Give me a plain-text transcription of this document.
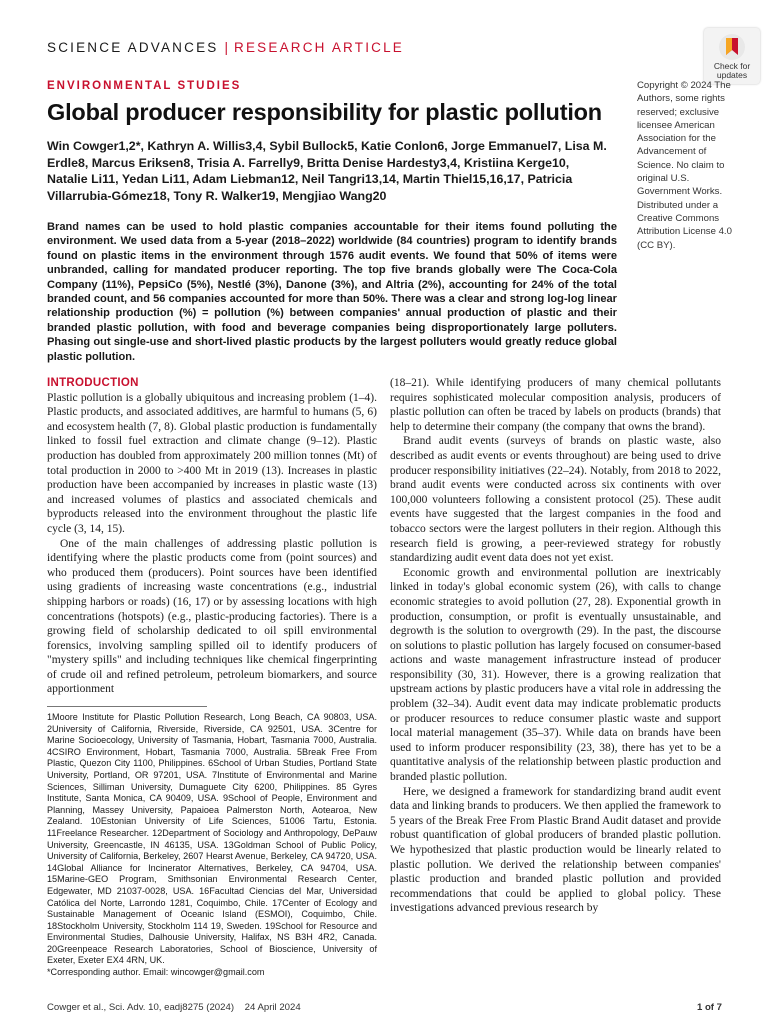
SCIENCE ADVANCES | RESEARCH ARTICLE
Check for updates
ENVIRONMENTAL STUDIES
Global producer responsibility for plastic pollution
Win Cowger1,2*, Kathryn A. Willis3,4, Sybil Bullock5, Katie Conlon6, Jorge Emmanuel7, Lisa M. Erdle8, Marcus Eriksen8, Trisia A. Farrelly9, Britta Denise Hardesty3,4, Kristiina Kerge10, Natalie Li11, Yedan Li11, Adam Liebman12, Neil Tangri13,14, Martin Thiel15,16,17, Patricia Villarrubia-Gómez18, Tony R. Walker19, Mengjiao Wang20
Copyright © 2024 The Authors, some rights reserved; exclusive licensee American Association for the Advancement of Science. No claim to original U.S. Government Works. Distributed under a Creative Commons Attribution License 4.0 (CC BY).
Brand names can be used to hold plastic companies accountable for their items found polluting the environment. We used data from a 5-year (2018–2022) worldwide (84 countries) program to identify brands found on plastic items in the environment through 1576 audit events. We found that 50% of items were unbranded, calling for mandated producer reporting. The top five brands globally were The Coca-Cola Company (11%), PepsiCo (5%), Nestlé (3%), Danone (3%), and Altria (2%), accounting for 24% of the total branded count, and 56 companies accounted for more than 50%. There was a clear and strong log-log linear relationship production (%) = pollution (%) between companies' annual production of plastic and their branded plastic pollution, with food and beverage companies being disproportionately large polluters. Phasing out single-use and short-lived plastic products by the largest polluters would greatly reduce global plastic pollution.

INTRODUCTION
Plastic pollution is a globally ubiquitous and increasing problem (1–4). Plastic products, and associated additives, are harmful to humans (5, 6) and ecosystem health (7, 8). Global plastic production is fundamentally linked to fossil fuel extraction and climate change (9–12). Plastic production has doubled from approximately 200 million tonnes (Mt) of total production in 2000 to >400 Mt in 2019 (13). Increases in plastic production have been accompanied by increases in plastic waste (13) and increased volumes of plastics and associated chemicals and byproducts released into the environment throughout the plastic life cycle (3, 14, 15).

One of the main challenges of addressing plastic pollution is identifying where the plastic products come from (point sources) and who produced them (producers). Point sources have been identified using gradients of increasing waste concentrations (e.g., industrial shipping harbors or roads) (16, 17) or by assessing locations with high concentrations (hotspots) (e.g., plastic-producing factories). There is a growing field of scholarship dedicated to oil spill environmental forensics, involving sampling spilled oil to identify producers of "mystery spills" and including techniques like chemical fingerprinting of crude oil and refined petroleum, petroleum biomarkers, and source apportionment

(18–21). While identifying producers of many chemical pollutants requires sophisticated molecular composition analysis, producers of plastic pollution can often be traced by labels on products (brands) that help to determine their company (the company that owns the brand).

Brand audit events (surveys of brands on plastic waste, also described as audit events or events throughout) are being used to drive producer responsibility initiatives (22–24). Notably, from 2018 to 2022, brand audit events were conducted across six continents with over 100,000 volunteers following a consistent protocol (25). These audit events have suggested that the largest companies in the food and tobacco sectors were the largest polluters in their region. Although this research field is growing, a peer-reviewed strategy for robustly standardizing audit event data does not yet exist.

Economic growth and environmental pollution are inextricably linked in today's global economic system (26), with calls to change economic strategies to avoid pollution (27, 28). Exponential growth in production, consumption, or profit is eventually unsustainable, and degrowth is the solution to overgrowth (29). In the past, the discourse on solutions to plastic pollution has largely focused on consumer-based actions and waste management infrastructure instead of producer responsibility (30, 31). However, there is a growing realization that upstream actions by plastic producers have a vital role in addressing the problem (32–34). Audit event data may indicate problematic products or producer resources to reduce consumer plastic waste and support local material management (35–37). While data on brands have been used to inform producer responsibility (23, 38), there has yet to be a quantitative analysis of the relationship between plastic production and branded plastic pollution.

Here, we designed a framework for standardizing brand audit event data and linking brands to producers. We then applied the framework to 5 years of the Break Free From Plastic Brand Audit dataset and provide robust quantification of global producers of branded plastic pollution. We hypothesized that plastic production would be linearly related to plastic pollution. We derived the relationship between companies' plastic production and branded plastic pollution and provided recommendations that could be applied to global policy. These investigations advanced previous research by

1Moore Institute for Plastic Pollution Research, Long Beach, CA 90803, USA. 2University of California, Riverside, Riverside, CA 92501, USA. 3Centre for Marine Socioecology, University of Tasmania, Hobart, Tasmania 7000, Australia. 4CSIRO Environment, Hobart, Tasmania 7000, Australia. 5Break Free From Plastic, Quezon City 1100, Philippines. 6School of Urban Studies, Portland State University, Portland, OR 97201, USA. 7Institute of Environmental and Marine Sciences, Silliman University, Dumaguete City 6200, Philippines. 85 Gyres Institute, Santa Monica, CA 90409, USA. 9School of People, Environment and Planning, Massey University, Papaioea Palmerston North, Aotearoa, New Zealand. 10Estonian University of Life Sciences, 51006 Tartu, Estonia. 11Freelance Researcher. 12Department of Sociology and Anthropology, DePauw University, Greencastle, IN 46135, USA. 13Goldman School of Public Policy, University of California, Berkeley, 2607 Hearst Avenue, Berkeley, CA 94720, USA. 14Global Alliance for Incinerator Alternatives, Berkeley, CA 94704, USA. 15Marine-GEO Program, Smithsonian Environmental Research Center, Edgewater, MD 21037-0028, USA. 16Facultad Ciencias del Mar, Universidad Católica del Norte, Larrondo 1281, Coquimbo, Chile. 17Center of Ecology and Sustainable Management of Oceanic Island (ESMOI), Coquimbo, Chile. 18Stockholm University, Stockholm 114 19, Sweden. 19School for Resource and Environmental Studies, Dalhousie University, Halifax, NS B3H 4R2, Canada. 20Greenpeace Research Laboratories, School of Bioscience, University of Exeter, Exeter EX4 4RN, UK.

*Corresponding author. Email: wincowger@gmail.com

Cowger et al., Sci. Adv. 10, eadj8275 (2024)    24 April 2024	1 of 7
